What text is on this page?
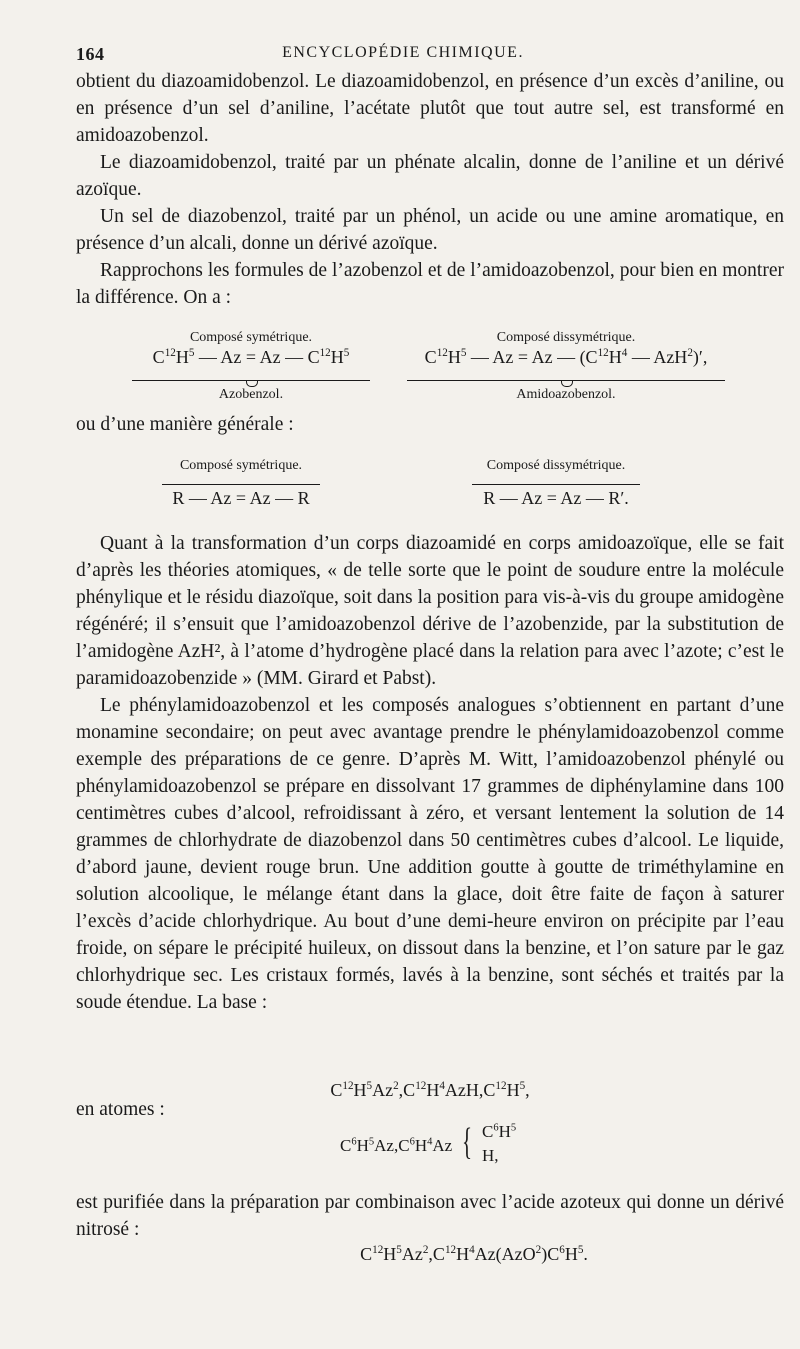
164	ENCYCLOPÉDIE CHIMIQUE.

obtient du diazoamidobenzol. Le diazoamidobenzol, en présence d’un excès d’aniline, ou en présence d’un sel d’aniline, l’acétate plutôt que tout autre sel, est transformé en amidoazobenzol.

Le diazoamidobenzol, traité par un phénate alcalin, donne de l’aniline et un dérivé azoïque.

Un sel de diazobenzol, traité par un phénol, un acide ou une amine aromatique, en présence d’un alcali, donne un dérivé azoïque.

Rapprochons les formules de l’azobenzol et de l’amidoazobenzol, pour bien en montrer la différence. On a :

Composé symétrique.
$C^{12}H^5$ — Az = Az — $C^{12}H^5$
Azobenzol.
Composé dissymétrique.
$C^{12}H^5$ — Az = Az — ($C^{12}H^4$ — AzH$^2$)′,
Amidoazobenzol.

ou d’une manière générale :

Composé symétrique.
R — Az = Az — R
Composé dissymétrique.
R — Az = Az — R′.

Quant à la transformation d’un corps diazoamidé en corps amidoazoïque, elle se fait d’après les théories atomiques, « de telle sorte que le point de soudure entre la molécule phénylique et le résidu diazoïque, soit dans la position para vis-à-vis du groupe amidogène régénéré; il s’ensuit que l’amidoazobenzol dérive de l’azobenzide, par la substitution de l’amidogène AzH², à l’atome d’hydrogène placé dans la relation para avec l’azote; c’est le paramidoazobenzide » (MM. Girard et Pabst).

Le phénylamidoazobenzol et les composés analogues s’obtiennent en partant d’une monamine secondaire; on peut avec avantage prendre le phénylamidoazobenzol comme exemple des préparations de ce genre. D’après M. Witt, l’amidoazobenzol phénylé ou phénylamidoazobenzol se prépare en dissolvant 17 grammes de diphénylamine dans 100 centimètres cubes d’alcool, refroidissant à zéro, et versant lentement la solution de 14 grammes de chlorhydrate de diazobenzol dans 50 centimètres cubes d’alcool. Le liquide, d’abord jaune, devient rouge brun. Une addition goutte à goutte de triméthylamine en solution alcoolique, le mélange étant dans la glace, doit être faite de façon à saturer l’excès d’acide chlorhydrique. Au bout d’une demi-heure environ on précipite par l’eau froide, on sépare le précipité huileux, on dissout dans la benzine, et l’on sature par le gaz chlorhydrique sec. Les cristaux formés, lavés à la benzine, sont séchés et traités par la soude étendue. La base :

$C^{12}H^5Az^2,C^{12}H^4AzH,C^{12}H^5$,
en atomes :
$C^6H^5Az,C^6H^4Az$ { $C^6H^5$
H,

est purifiée dans la préparation par combinaison avec l’acide azoteux qui donne un dérivé nitrosé :

$C^{12}H^5Az^2,C^{12}H^4Az(AzO^2)C^6H^5$.
